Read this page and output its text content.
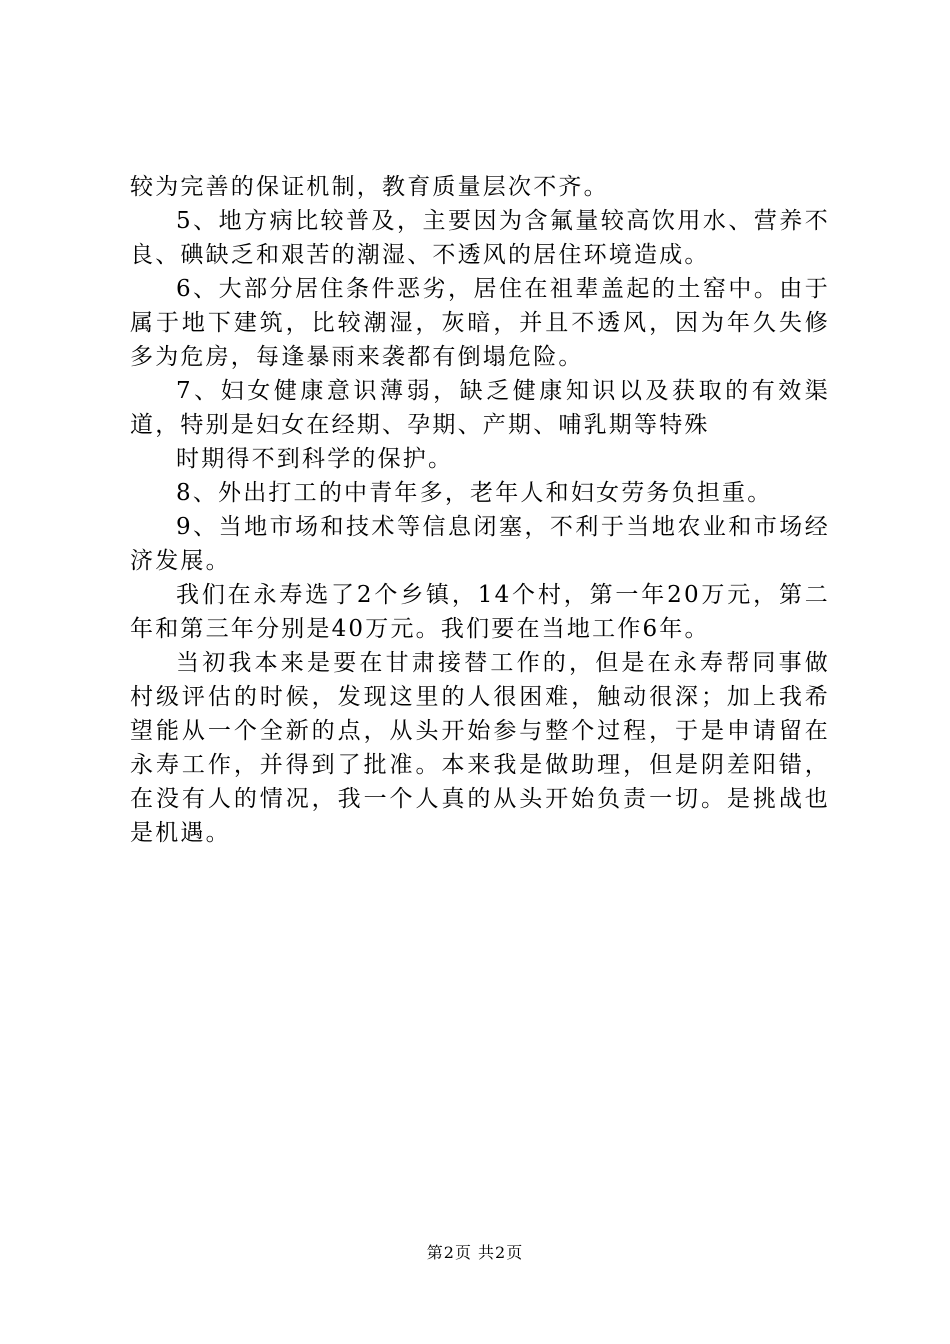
较为完善的保证机制，教育质量层次不齐。

5、地方病比较普及，主要因为含氟量较高饮用水、营养不良、碘缺乏和艰苦的潮湿、不透风的居住环境造成。

6、大部分居住条件恶劣，居住在祖辈盖起的土窑中。由于属于地下建筑，比较潮湿，灰暗，并且不透风，因为年久失修多为危房，每逢暴雨来袭都有倒塌危险。

7、妇女健康意识薄弱，缺乏健康知识以及获取的有效渠道，特别是妇女在经期、孕期、产期、哺乳期等特殊

时期得不到科学的保护。

8、外出打工的中青年多，老年人和妇女劳务负担重。

9、当地市场和技术等信息闭塞，不利于当地农业和市场经济发展。

我们在永寿选了2个乡镇，14个村，第一年20万元，第二年和第三年分别是40万元。我们要在当地工作6年。

当初我本来是要在甘肃接替工作的，但是在永寿帮同事做村级评估的时候，发现这里的人很困难，触动很深；加上我希望能从一个全新的点，从头开始参与整个过程，于是申请留在永寿工作，并得到了批准。本来我是做助理，但是阴差阳错，在没有人的情况，我一个人真的从头开始负责一切。是挑战也是机遇。

第2页 共2页
